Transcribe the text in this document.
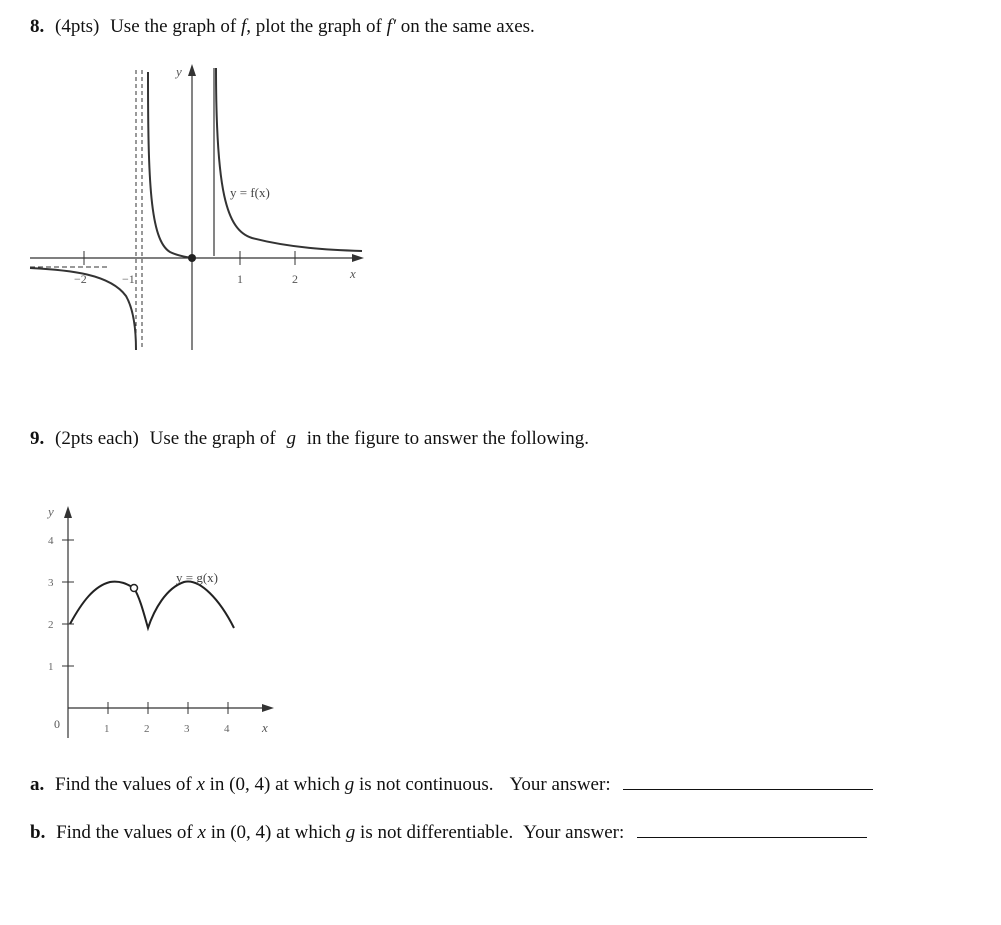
8. (4pts) Use the graph of f, plot the graph of f′ on the same axes.
y
x
y = f(x)
−2	−1	1	2
9. (2pts each) Use the graph of g in the figure to answer the following.
y
x
y = g(x)
0	1	2	3	4
1
2
3
4
a. Find the values of x in (0, 4) at which g is not continuous. Your answer:
b. Find the values of x in (0, 4) at which g is not differentiable. Your answer:
